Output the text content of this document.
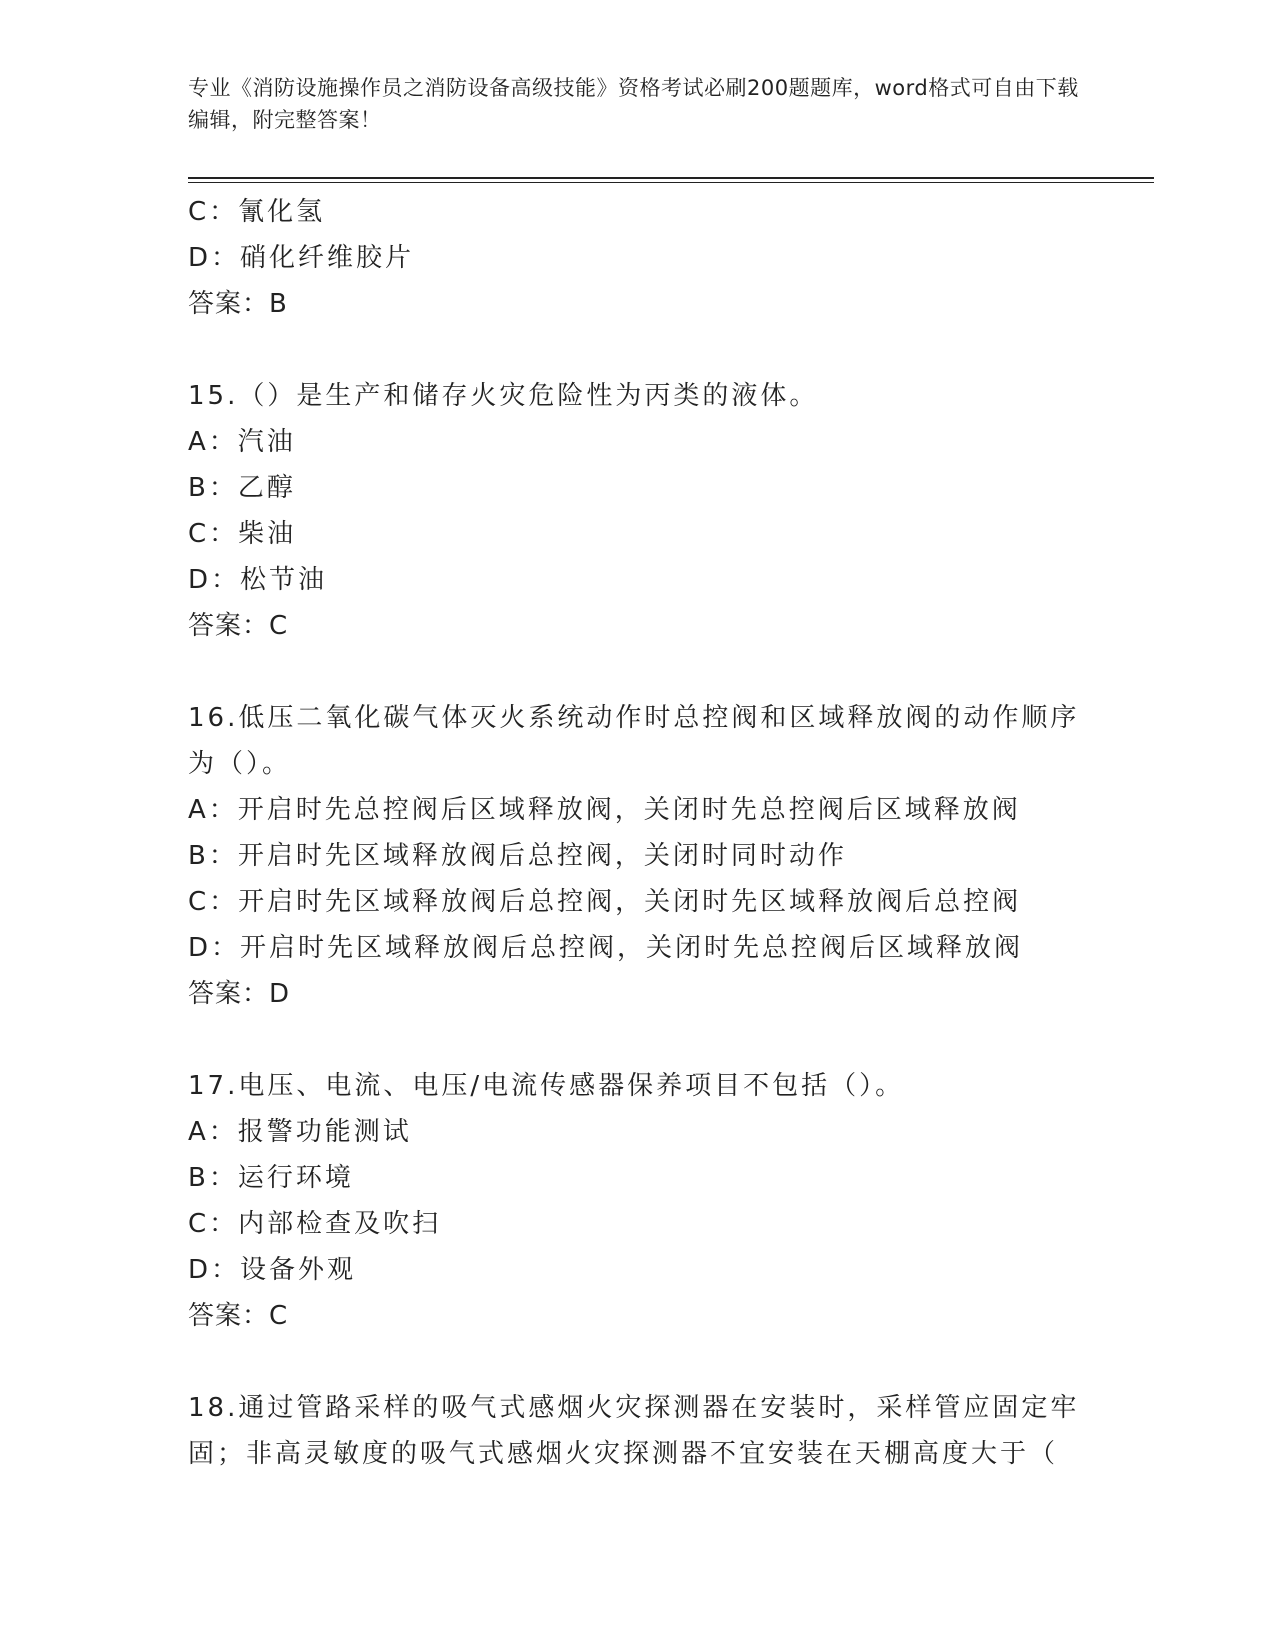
专业《消防设施操作员之消防设备高级技能》资格考试必刷200题题库，word格式可自由下载编辑，附完整答案！
C：氰化氢
D：硝化纤维胶片
答案：B
15.（）是生产和储存火灾危险性为丙类的液体。
A：汽油
B：乙醇
C：柴油
D：松节油
答案：C
16.低压二氧化碳气体灭火系统动作时总控阀和区域释放阀的动作顺序
为（）。
A：开启时先总控阀后区域释放阀，关闭时先总控阀后区域释放阀
B：开启时先区域释放阀后总控阀，关闭时同时动作
C：开启时先区域释放阀后总控阀，关闭时先区域释放阀后总控阀
D：开启时先区域释放阀后总控阀，关闭时先总控阀后区域释放阀
答案：D
17.电压、电流、电压/电流传感器保养项目不包括（）。
A：报警功能测试
B：运行环境
C：内部检查及吹扫
D：设备外观
答案：C
18.通过管路采样的吸气式感烟火灾探测器在安装时，采样管应固定牢
固；非高灵敏度的吸气式感烟火灾探测器不宜安装在天棚高度大于（
